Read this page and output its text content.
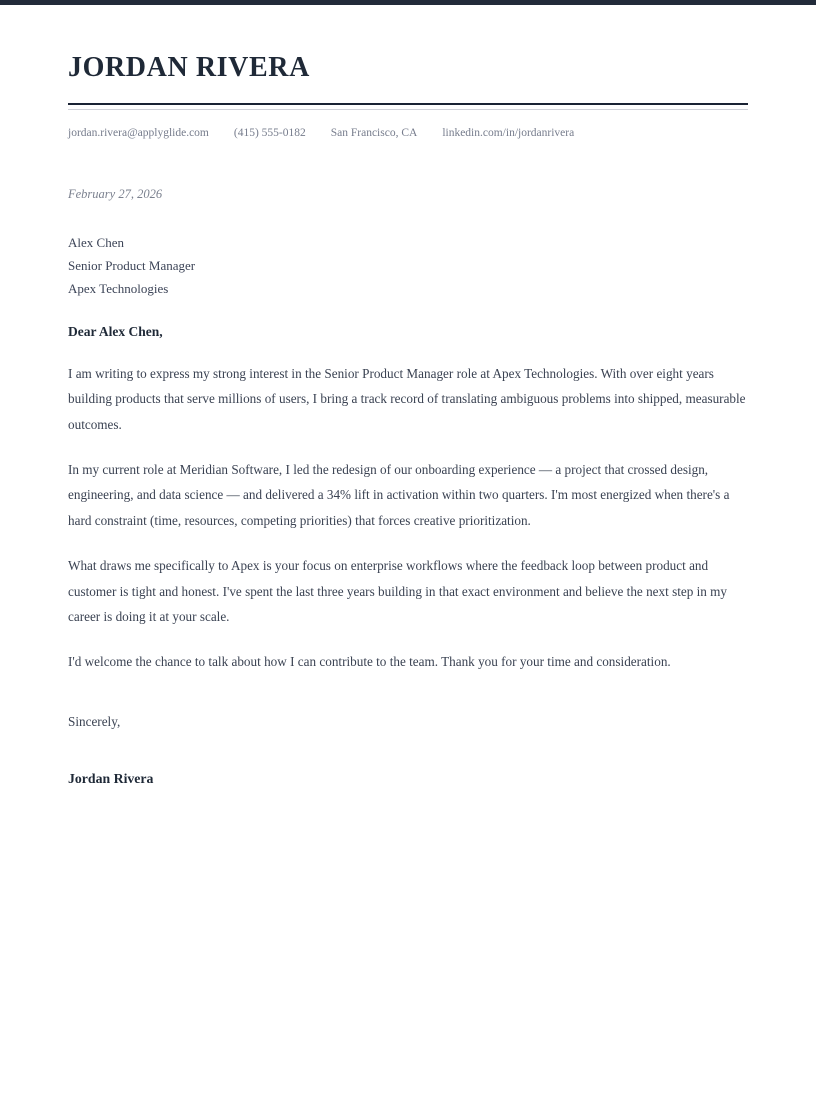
JORDAN RIVERA
jordan.rivera@applyglide.com (415) 555-0182 San Francisco, CA linkedin.com/in/jordanrivera
February 27, 2026
Alex Chen
Senior Product Manager
Apex Technologies
Dear Alex Chen,

I am writing to express my strong interest in the Senior Product Manager role at Apex Technologies. With over eight years building products that serve millions of users, I bring a track record of translating ambiguous problems into shipped, measurable outcomes.

In my current role at Meridian Software, I led the redesign of our onboarding experience — a project that crossed design, engineering, and data science — and delivered a 34% lift in activation within two quarters. I'm most energized when there's a hard constraint (time, resources, competing priorities) that forces creative prioritization.

What draws me specifically to Apex is your focus on enterprise workflows where the feedback loop between product and customer is tight and honest. I've spent the last three years building in that exact environment and believe the next step in my career is doing it at your scale.

I'd welcome the chance to talk about how I can contribute to the team. Thank you for your time and consideration.

Sincerely,
Jordan Rivera
